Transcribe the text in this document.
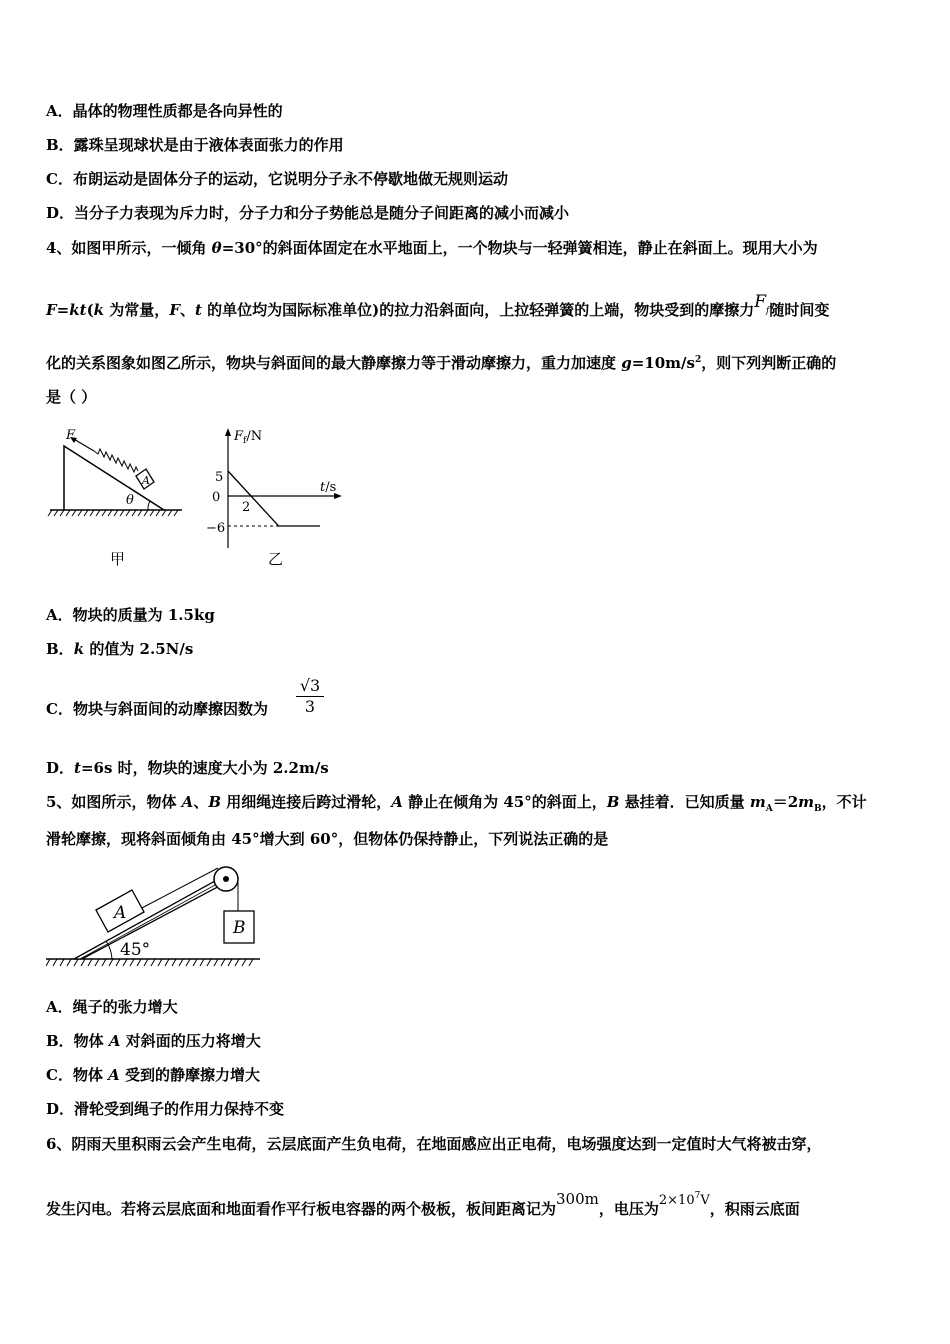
A．晶体的物理性质都是各向异性的
B．露珠呈现球状是由于液体表面张力的作用
C．布朗运动是固体分子的运动，它说明分子永不停歇地做无规则运动
D．当分子力表现为斥力时，分子力和分子势能总是随分子间距离的减小而减小
4、如图甲所示，一倾角 θ=30°的斜面体固定在水平地面上，一个物块与一轻弹簧相连，静止在斜面上。现用大小为
F=kt(k 为常量，F、t 的单位均为国际标准单位)的拉力沿斜面向，上拉轻弹簧的上端，物块受到的摩擦力$F_f$随时间变
化的关系图象如图乙所示，物块与斜面间的最大静摩擦力等于滑动摩擦力，重力加速度 $g=10m/s^2$，则下列判断正确的
是（ ）
F
A
θ
甲
$F_f/N$
t/s
5
0
−6
2
乙
A．物块的质量为 1.5kg
B．k 的值为 2.5N/s
C．物块与斜面间的动摩擦因数为 $\frac{√3}{3}$
D．t=6s 时，物块的速度大小为 2.2m/s
5、如图所示，物体 A、B 用细绳连接后跨过滑轮，A 静止在倾角为 45°的斜面上，B 悬挂着．已知质量 $m_A=2m_B$，不计
滑轮摩擦，现将斜面倾角由 45°增大到 60°，但物体仍保持静止，下列说法正确的是
A
B
45°
A．绳子的张力增大
B．物体 A 对斜面的压力将增大
C．物体 A 受到的静摩擦力增大
D．滑轮受到绳子的作用力保持不变
6、阴雨天里积雨云会产生电荷，云层底面产生负电荷，在地面感应出正电荷，电场强度达到一定值时大气将被击穿，
发生闪电。若将云层底面和地面看作平行板电容器的两个极板，板间距离记为300m，电压为$2\times 10^7V$，积雨云底面
